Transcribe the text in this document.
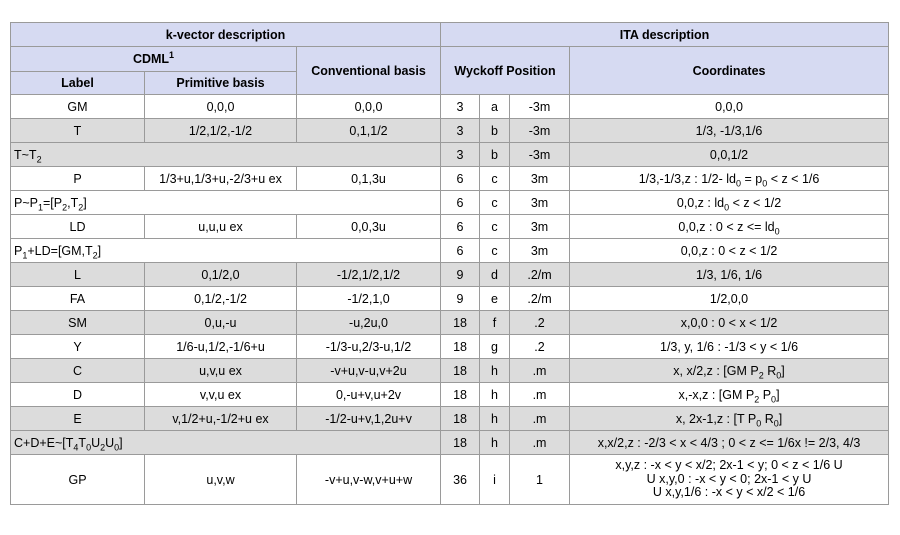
k-vector description			ITA description			
CDML$^1$		Conventional basis	Wyckoff Position			Coordinates
Label	Primitive basis					
GM	0,0,0	0,0,0	3	a	-3m	0,0,0
T	1/2,1/2,-1/2	0,1,1/2	3	b	-3m	1/3, -1/3,1/6
$T\sim T_2$			3	b	-3m	0,0,1/2
P	1/3+u,1/3+u,-2/3+u ex	0,1,3u	6	c	3m	1/3,-1/3,z : 1/2- $ld_0 = p_0 < z < 1/6$
$P\sim P_1=[P_2,T_2]$			6	c	3m	0,0,z : $ld_0 < z < 1/2$
LD	u,u,u ex	0,0,3u	6	c	3m	0,0,z : $0 < z <= ld_0$
$P_1+LD=[GM,T_2]$			6	c	3m	0,0,z : 0 < z < 1/2
L	0,1/2,0	-1/2,1/2,1/2	9	d	.2/m	1/3, 1/6, 1/6
FA	0,1/2,-1/2	-1/2,1,0	9	e	.2/m	1/2,0,0
SM	0,u,-u	-u,2u,0	18	f	.2	x,0,0 : 0 < x < 1/2
Y	1/6-u,1/2,-1/6+u	-1/3-u,2/3-u,1/2	18	g	.2	1/3, y, 1/6 : -1/3 < y < 1/6
C	u,v,u ex	-v+u,v-u,v+2u	18	h	.m	x, x/2,z : [GM $P_2$ $R_0$]
D	v,v,u ex	0,-u+v,u+2v	18	h	.m	x,-x,z : [GM $P_2$ $P_0$]
E	v,1/2+u,-1/2+u ex	-1/2-u+v,1,2u+v	18	h	.m	x, 2x-1,z : [T $P_0$ $R_0$]
$C+D+E\sim[T_4T_0U_2U_0]$			18	h	.m	x,x/2,z : -2/3 < x < 4/3 ; 0 < z <= 1/6x != 2/3, 4/3
GP	u,v,w	-v+u,v-w,v+u+w	36	i	1	x,y,z : -x < y < x/2; 2x-1 < y; 0 < z < 1/6 U
U x,y,0 : -x < y < 0; 2x-1 < y U
U x,y,1/6 : -x < y < x/2 < 1/6
